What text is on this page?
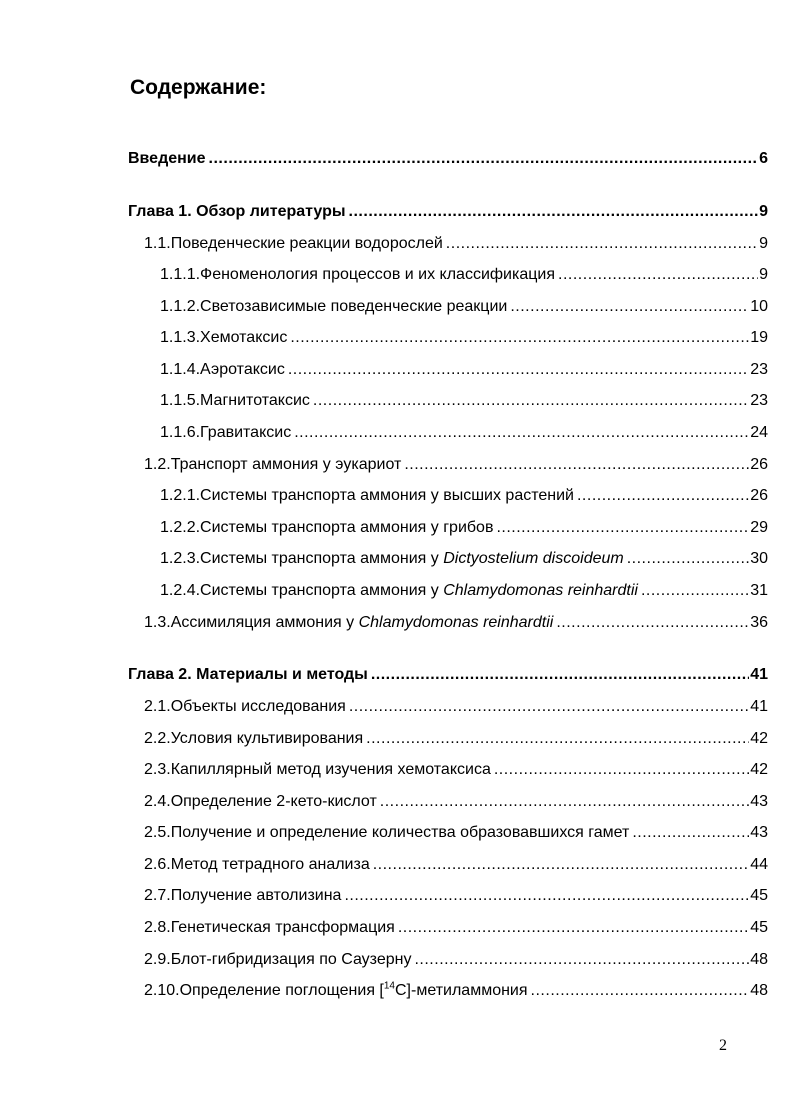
Содержание:
Введение .....	6
Глава 1. Обзор литературы .....	9
1.1. Поведенческие реакции водорослей .....	9
1.1.1. Феноменология процессов и их классификация .....	9
1.1.2. Светозависимые поведенческие реакции .....	10
1.1.3. Хемотаксис .....	19
1.1.4. Аэротаксис .....	23
1.1.5. Магнитотаксис .....	23
1.1.6. Гравитаксис .....	24
1.2. Транспорт аммония у эукариот .....	26
1.2.1. Системы транспорта аммония у высших растений .....	26
1.2.2. Системы транспорта аммония у грибов .....	29
1.2.3. Системы транспорта аммония у Dictyostelium discoideum .....	30
1.2.4. Системы транспорта аммония у Chlamydomonas reinhardtii .....	31
1.3. Ассимиляция аммония у Chlamydomonas reinhardtii .....	36
Глава 2. Материалы и методы .....	41
2.1. Объекты исследования .....	41
2.2. Условия культивирования .....	42
2.3. Капиллярный метод изучения хемотаксиса .....	42
2.4. Определение 2-кето-кислот .....	43
2.5. Получение и определение количества образовавшихся гамет .....	43
2.6. Метод тетрадного анализа .....	44
2.7. Получение автолизина .....	45
2.8. Генетическая трансформация .....	45
2.9. Блот-гибридизация по Саузерну .....	48
2.10. Определение поглощения [$^{14}$C]-метиламмония .....	48
2
